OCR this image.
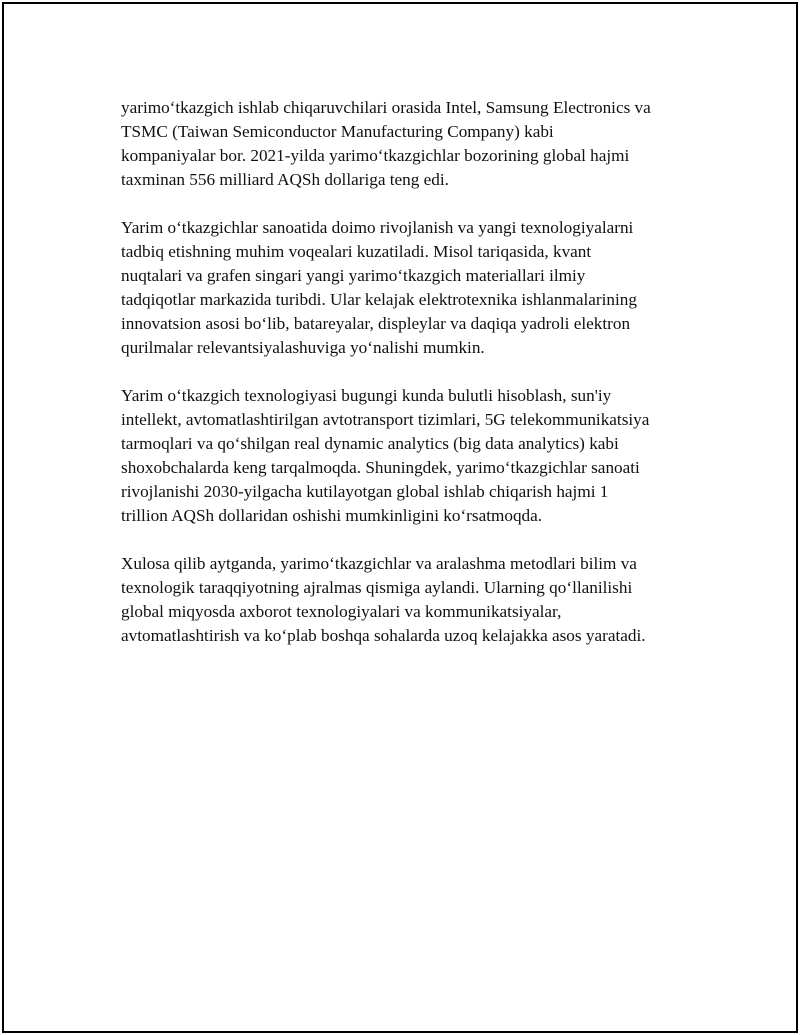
yarimo‘tkazgich ishlab chiqaruvchilari orasida Intel, Samsung Electronics va
TSMC (Taiwan Semiconductor Manufacturing Company) kabi
kompaniyalar bor. 2021-yilda yarimo‘tkazgichlar bozorining global hajmi
taxminan 556 milliard AQSh dollariga teng edi.

Yarim o‘tkazgichlar sanoatida doimo rivojlanish va yangi texnologiyalarni
tadbiq etishning muhim voqealari kuzatiladi. Misol tariqasida, kvant
nuqtalari va grafen singari yangi yarimo‘tkazgich materiallari ilmiy
tadqiqotlar markazida turibdi. Ular kelajak elektrotexnika ishlanmalarining
innovatsion asosi bo‘lib, batareyalar, displeylar va daqiqa yadroli elektron
qurilmalar relevantsiyalashuviga yo‘nalishi mumkin.

Yarim o‘tkazgich texnologiyasi bugungi kunda bulutli hisoblash, sun'iy
intellekt, avtomatlashtirilgan avtotransport tizimlari, 5G telekommunikatsiya
tarmoqlari va qo‘shilgan real dynamic analytics (big data analytics) kabi
shoxobchalarda keng tarqalmoqda. Shuningdek, yarimo‘tkazgichlar sanoati
rivojlanishi 2030-yilgacha kutilayotgan global ishlab chiqarish hajmi 1
trillion AQSh dollaridan oshishi mumkinligini ko‘rsatmoqda.

Xulosa qilib aytganda, yarimo‘tkazgichlar va aralashma metodlari bilim va
texnologik taraqqiyotning ajralmas qismiga aylandi. Ularning qo‘llanilishi
global miqyosda axborot texnologiyalari va kommunikatsiyalar,
avtomatlashtirish va ko‘plab boshqa sohalarda uzoq kelajakka asos yaratadi.
